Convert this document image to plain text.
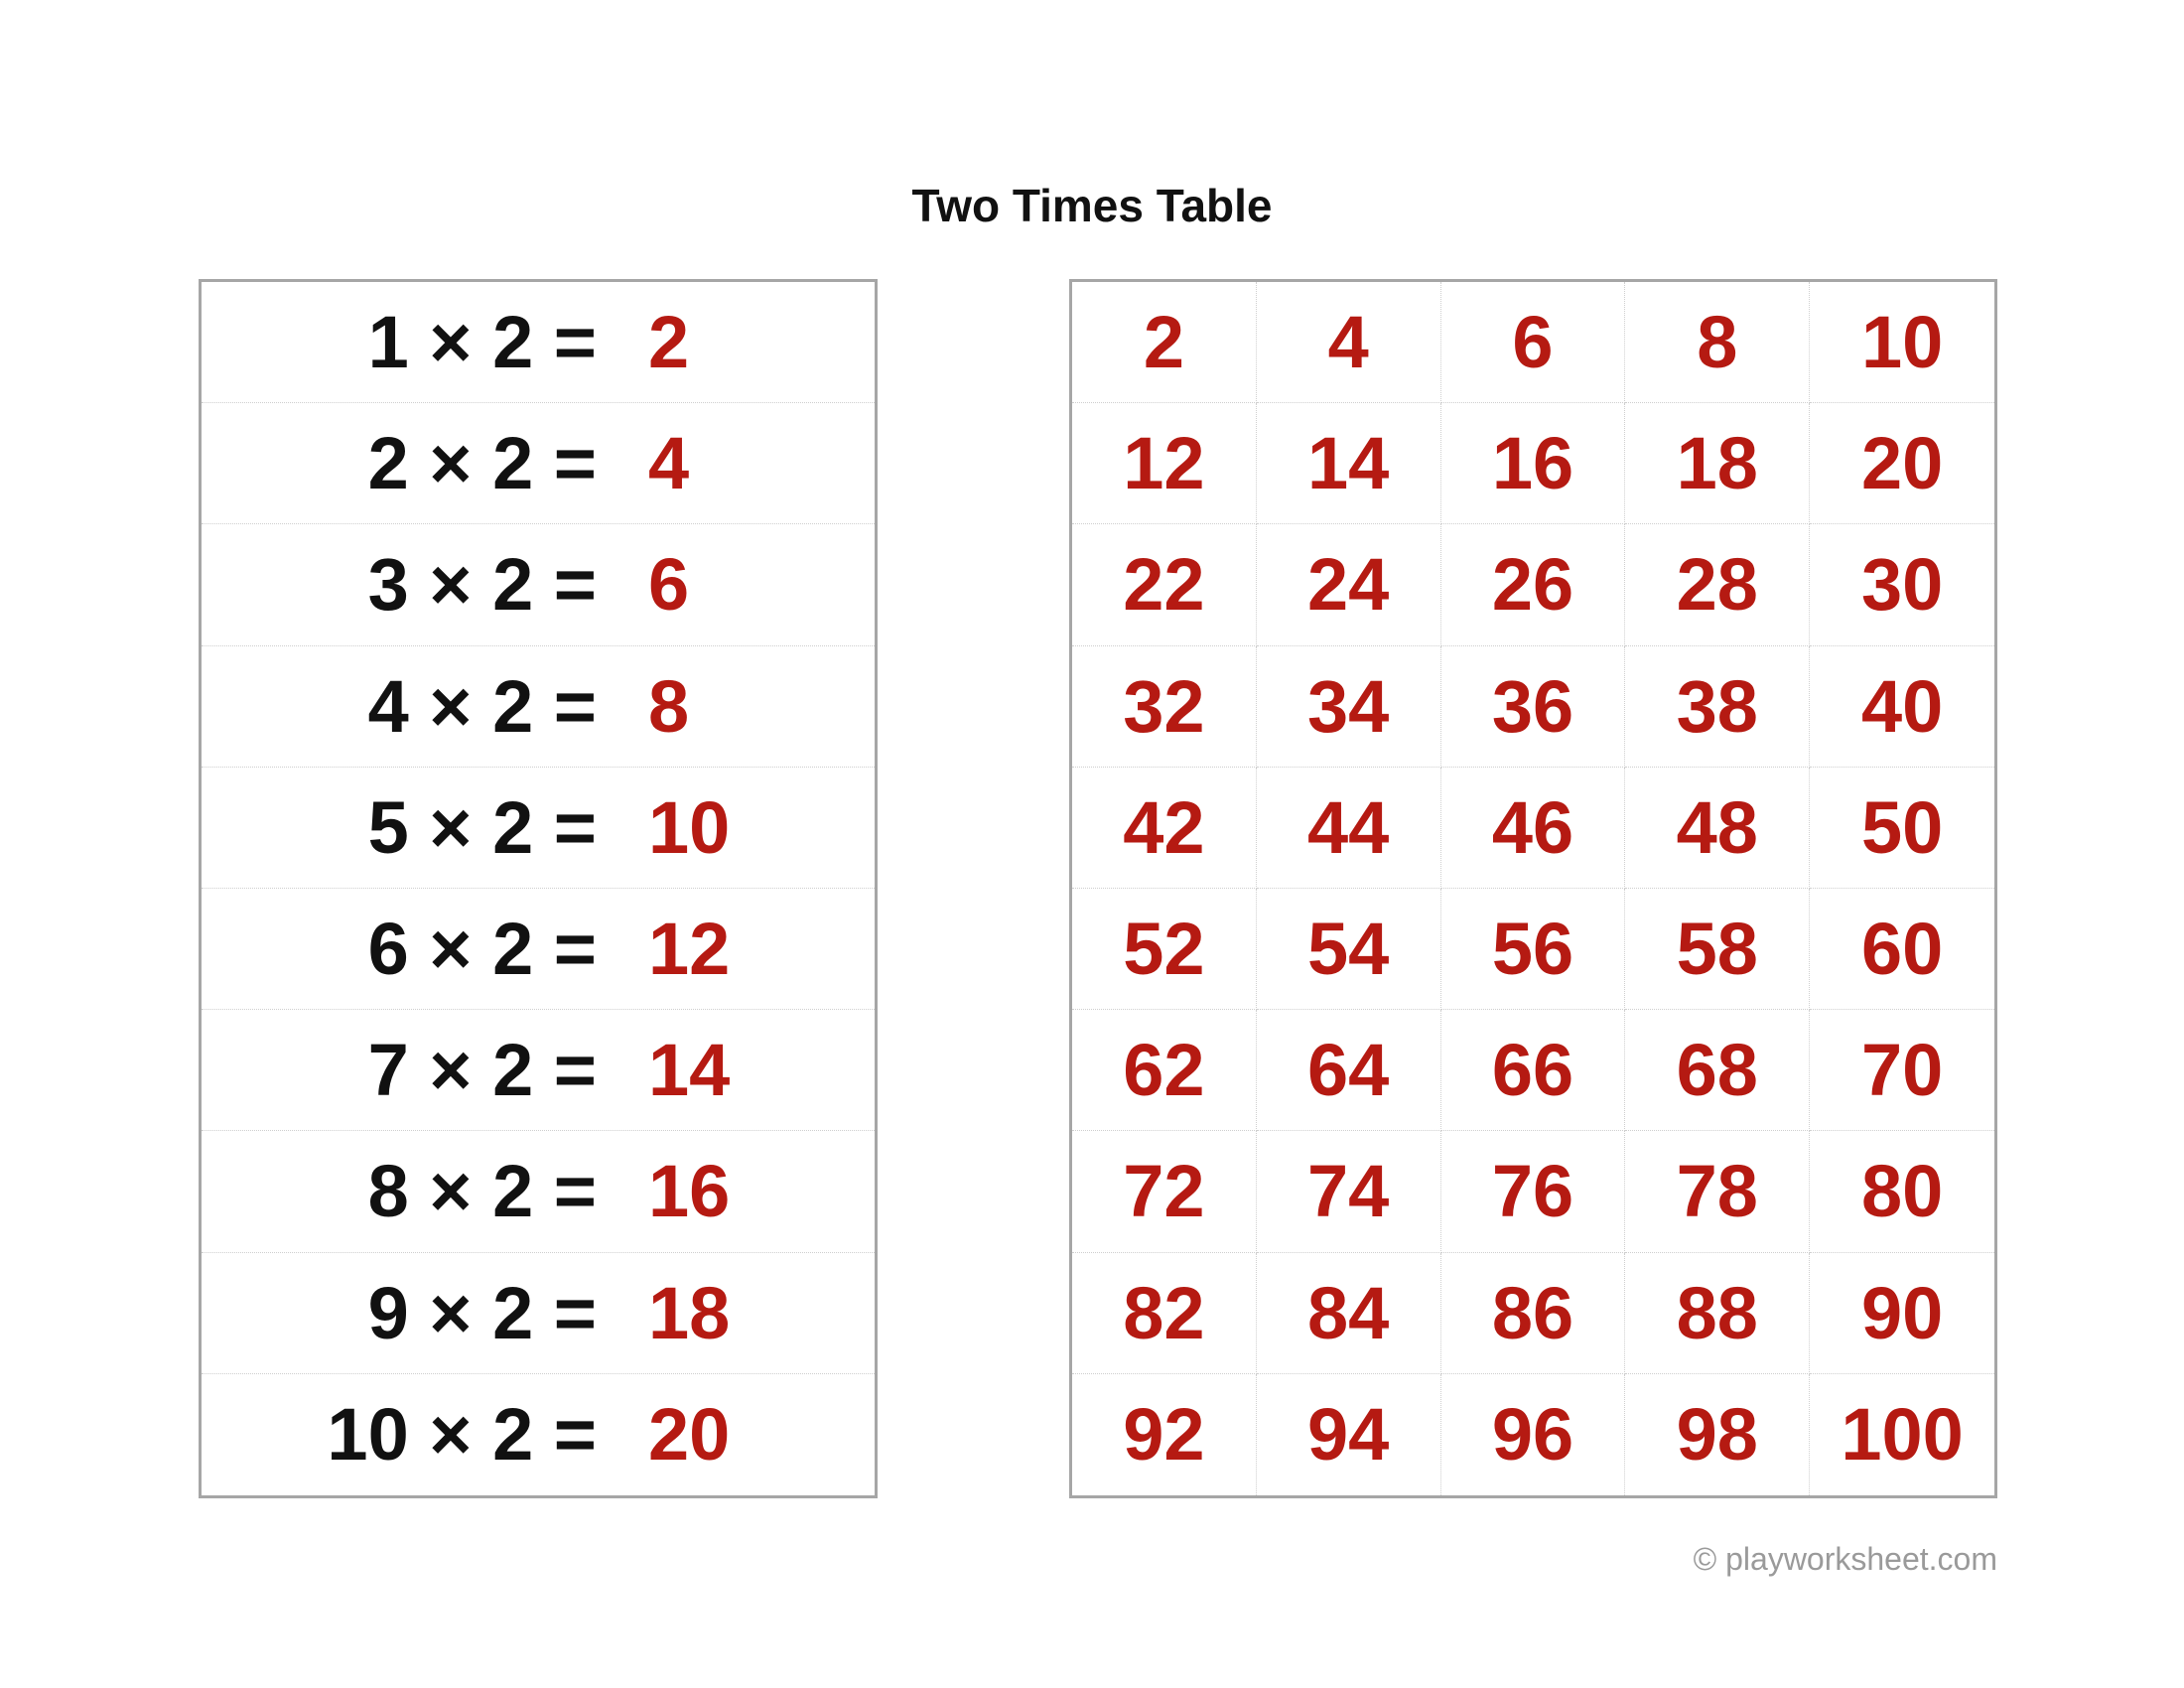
Two Times Table
1 × 2 = 2
2 × 2 = 4
3 × 2 = 6
4 × 2 = 8
5 × 2 = 10
6 × 2 = 12
7 × 2 = 14
8 × 2 = 16
9 × 2 = 18
10 × 2 = 20
2	4	6	8	10
12	14	16	18	20
22	24	26	28	30
32	34	36	38	40
42	44	46	48	50
52	54	56	58	60
62	64	66	68	70
72	74	76	78	80
82	84	86	88	90
92	94	96	98	100
© playworksheet.com
